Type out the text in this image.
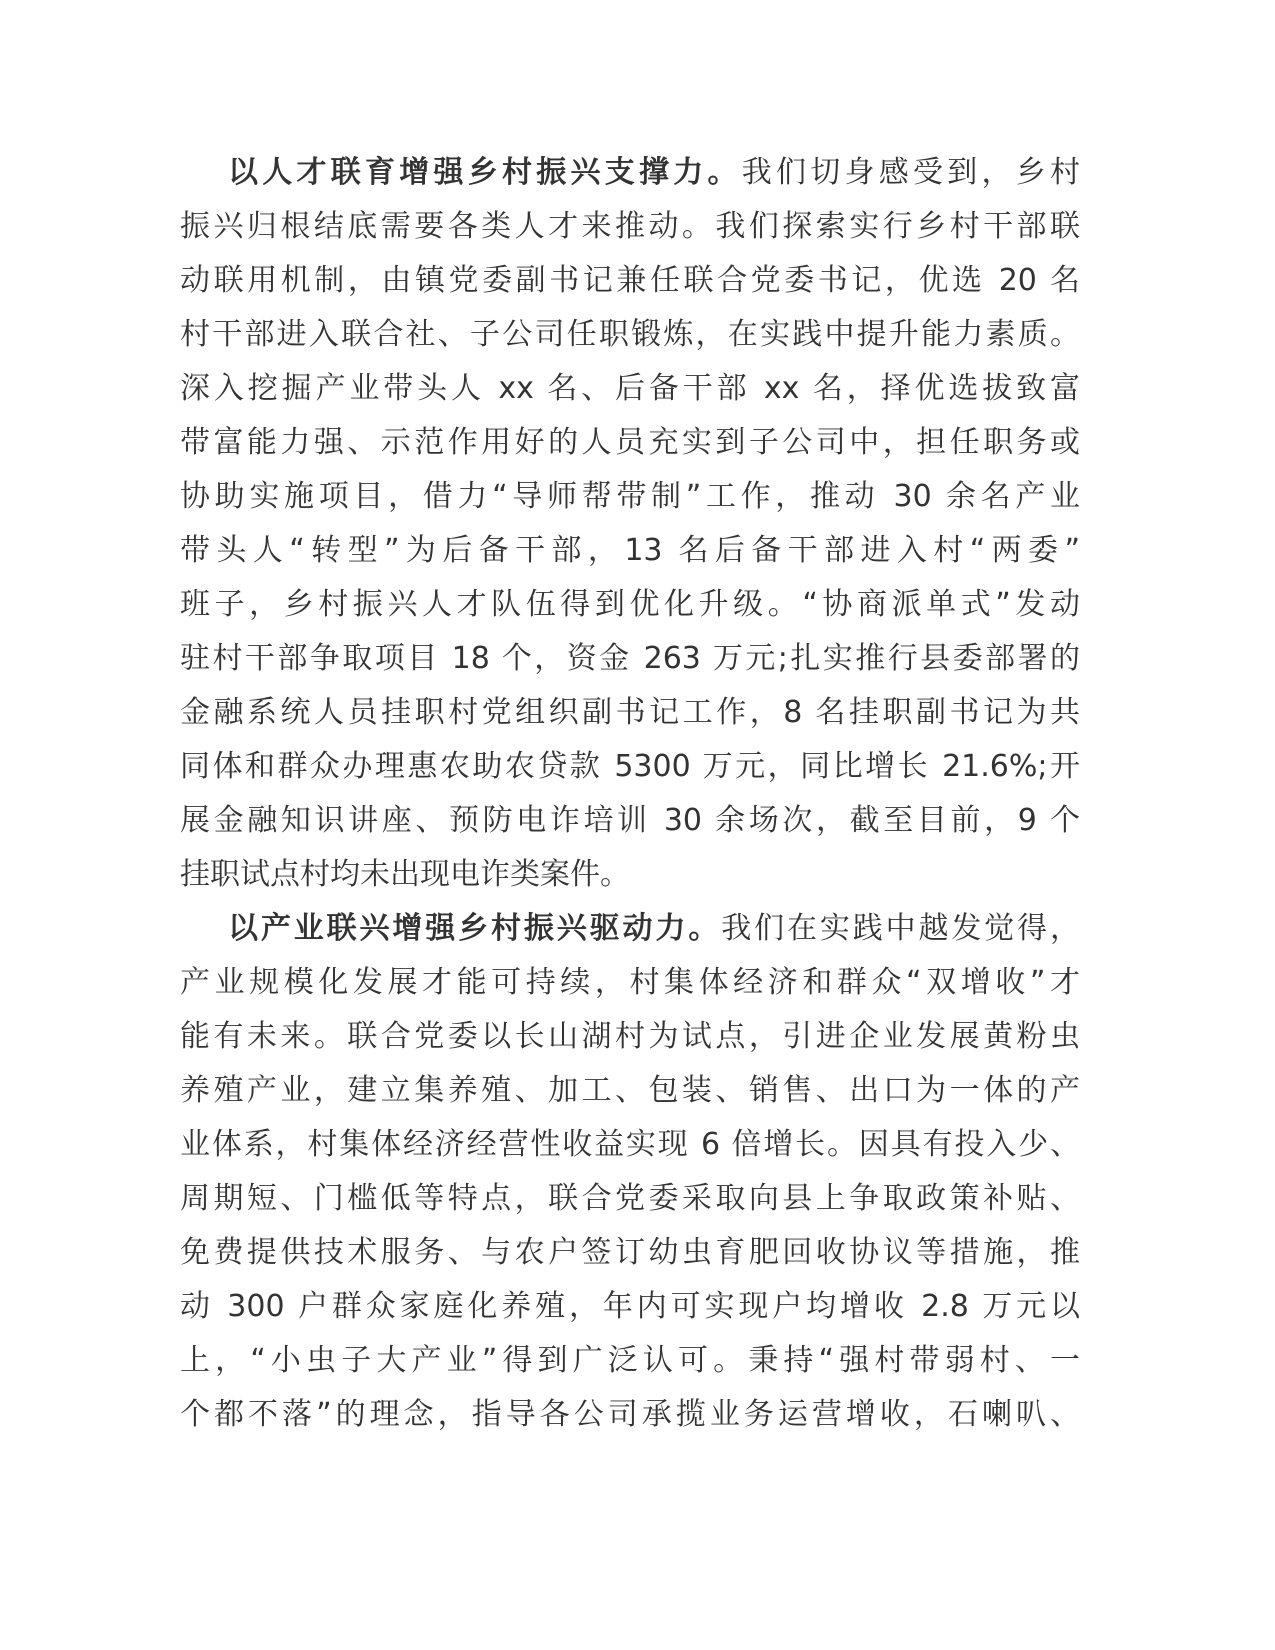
以人才联育增强乡村振兴支撑力。我们切身感受到，乡村
振兴归根结底需要各类人才来推动。我们探索实行乡村干部联
动联用机制，由镇党委副书记兼任联合党委书记，优选 20 名
村干部进入联合社、子公司任职锻炼，在实践中提升能力素质。
深入挖掘产业带头人 xx 名、后备干部 xx 名，择优选拔致富
带富能力强、示范作用好的人员充实到子公司中，担任职务或
协助实施项目，借力“导师帮带制”工作，推动 30 余名产业
带头人“转型”为后备干部，13 名后备干部进入村“两委”
班子，乡村振兴人才队伍得到优化升级。“协商派单式”发动
驻村干部争取项目 18 个，资金 263 万元;扎实推行县委部署的
金融系统人员挂职村党组织副书记工作，8 名挂职副书记为共
同体和群众办理惠农助农贷款 5300 万元，同比增长 21.6%;开
展金融知识讲座、预防电诈培训 30 余场次，截至目前，9 个
挂职试点村均未出现电诈类案件。
以产业联兴增强乡村振兴驱动力。我们在实践中越发觉得，
产业规模化发展才能可持续，村集体经济和群众“双增收”才
能有未来。联合党委以长山湖村为试点，引进企业发展黄粉虫
养殖产业，建立集养殖、加工、包装、销售、出口为一体的产
业体系，村集体经济经营性收益实现 6 倍增长。因具有投入少、
周期短、门槛低等特点，联合党委采取向县上争取政策补贴、
免费提供技术服务、与农户签订幼虫育肥回收协议等措施，推
动 300 户群众家庭化养殖，年内可实现户均增收 2.8 万元以
上，“小虫子大产业”得到广泛认可。秉持“强村带弱村、一
个都不落”的理念，指导各公司承揽业务运营增收，石喇叭、
